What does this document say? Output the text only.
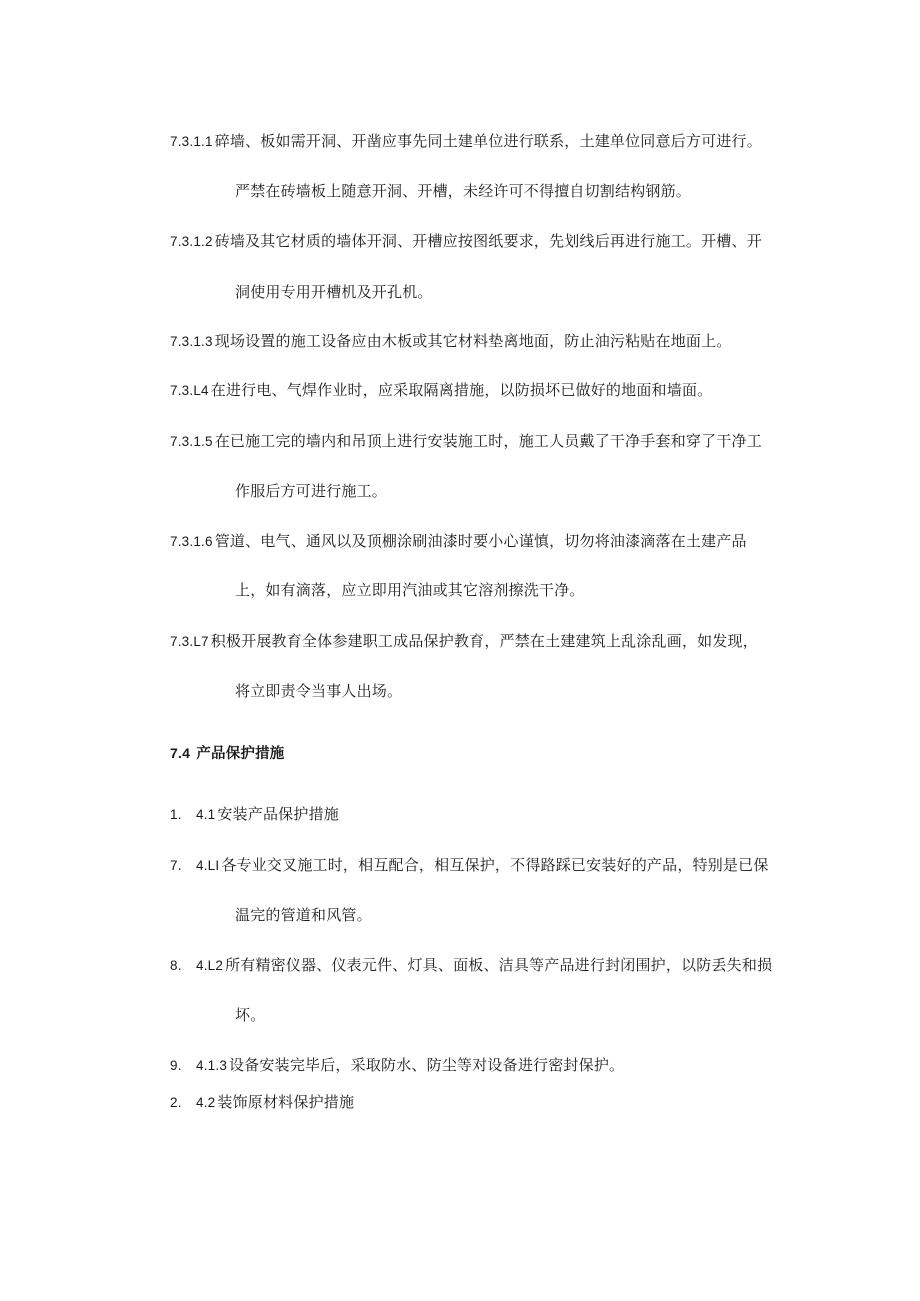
7.3.1.1 碎墙、板如需开洞、开凿应事先同土建单位进行联系，土建单位同意后方可进行。
严禁在砖墙板上随意开洞、开槽，未经许可不得擅自切割结构钢筋。
7.3.1.2 砖墙及其它材质的墙体开洞、开槽应按图纸要求，先划线后再进行施工。开槽、开
洞使用专用开槽机及开孔机。
7.3.1.3 现场设置的施工设备应由木板或其它材料垫离地面，防止油污粘贴在地面上。
7.3.L4 在进行电、气焊作业时，应采取隔离措施，以防损坏已做好的地面和墙面。
7.3.1.5 在已施工完的墙内和吊顶上进行安装施工时，施工人员戴了干净手套和穿了干净工
作服后方可进行施工。
7.3.1.6 管道、电气、通风以及顶棚涂刷油漆时要小心谨慎，切勿将油漆滴落在土建产品
上，如有滴落，应立即用汽油或其它溶剂擦洗干净。
7.3.L7 积极开展教育全体参建职工成品保护教育，严禁在土建建筑上乱涂乱画，如发现，
将立即责令当事人出场。
7.4 产品保护措施
1. 4.1 安装产品保护措施
7. 4.LI 各专业交叉施工时，相互配合，相互保护，不得路踩已安装好的产品，特别是已保
温完的管道和风管。
8. 4.L2 所有精密仪器、仪表元件、灯具、面板、洁具等产品进行封闭围护，以防丢失和损
坏。
9. 4.1.3 设备安装完毕后，采取防水、防尘等对设备进行密封保护。
2. 4.2 装饰原材料保护措施
